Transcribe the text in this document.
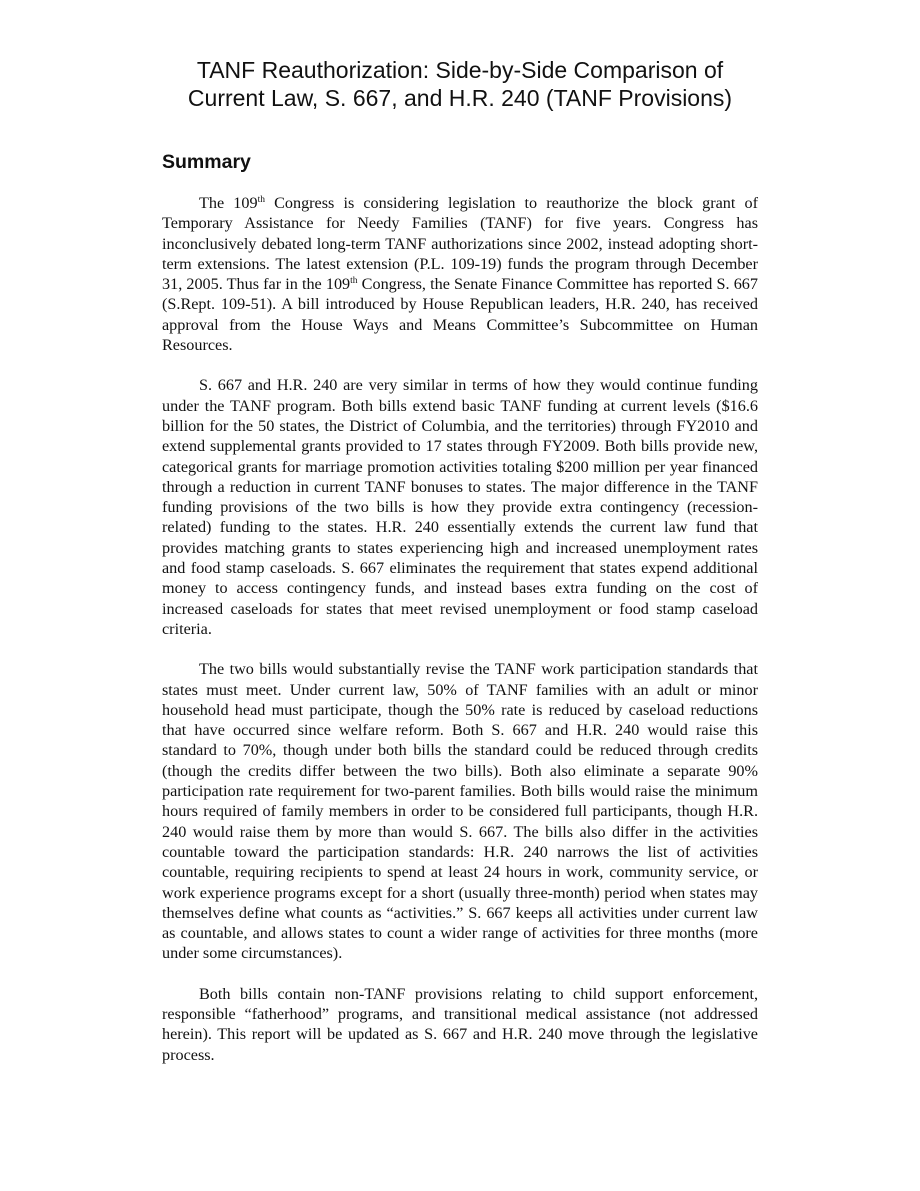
TANF Reauthorization: Side-by-Side Comparison of
Current Law, S. 667, and H.R. 240 (TANF Provisions)
Summary

The 109th Congress is considering legislation to reauthorize the block grant of Temporary Assistance for Needy Families (TANF) for five years. Congress has inconclusively debated long-term TANF authorizations since 2002, instead adopting short-term extensions. The latest extension (P.L. 109-19) funds the program through December 31, 2005. Thus far in the 109th Congress, the Senate Finance Committee has reported S. 667 (S.Rept. 109-51). A bill introduced by House Republican leaders, H.R. 240, has received approval from the House Ways and Means Committee’s Subcommittee on Human Resources.

S. 667 and H.R. 240 are very similar in terms of how they would continue funding under the TANF program. Both bills extend basic TANF funding at current levels ($16.6 billion for the 50 states, the District of Columbia, and the territories) through FY2010 and extend supplemental grants provided to 17 states through FY2009. Both bills provide new, categorical grants for marriage promotion activities totaling $200 million per year financed through a reduction in current TANF bonuses to states. The major difference in the TANF funding provisions of the two bills is how they provide extra contingency (recession-related) funding to the states. H.R. 240 essentially extends the current law fund that provides matching grants to states experiencing high and increased unemployment rates and food stamp caseloads. S. 667 eliminates the requirement that states expend additional money to access contingency funds, and instead bases extra funding on the cost of increased caseloads for states that meet revised unemployment or food stamp caseload criteria.

The two bills would substantially revise the TANF work participation standards that states must meet. Under current law, 50% of TANF families with an adult or minor household head must participate, though the 50% rate is reduced by caseload reductions that have occurred since welfare reform. Both S. 667 and H.R. 240 would raise this standard to 70%, though under both bills the standard could be reduced through credits (though the credits differ between the two bills). Both also eliminate a separate 90% participation rate requirement for two-parent families. Both bills would raise the minimum hours required of family members in order to be considered full participants, though H.R. 240 would raise them by more than would S. 667. The bills also differ in the activities countable toward the participation standards: H.R. 240 narrows the list of activities countable, requiring recipients to spend at least 24 hours in work, community service, or work experience programs except for a short (usually three-month) period when states may themselves define what counts as “activities.” S. 667 keeps all activities under current law as countable, and allows states to count a wider range of activities for three months (more under some circumstances).

Both bills contain non-TANF provisions relating to child support enforcement, responsible “fatherhood” programs, and transitional medical assistance (not addressed herein). This report will be updated as S. 667 and H.R. 240 move through the legislative process.
